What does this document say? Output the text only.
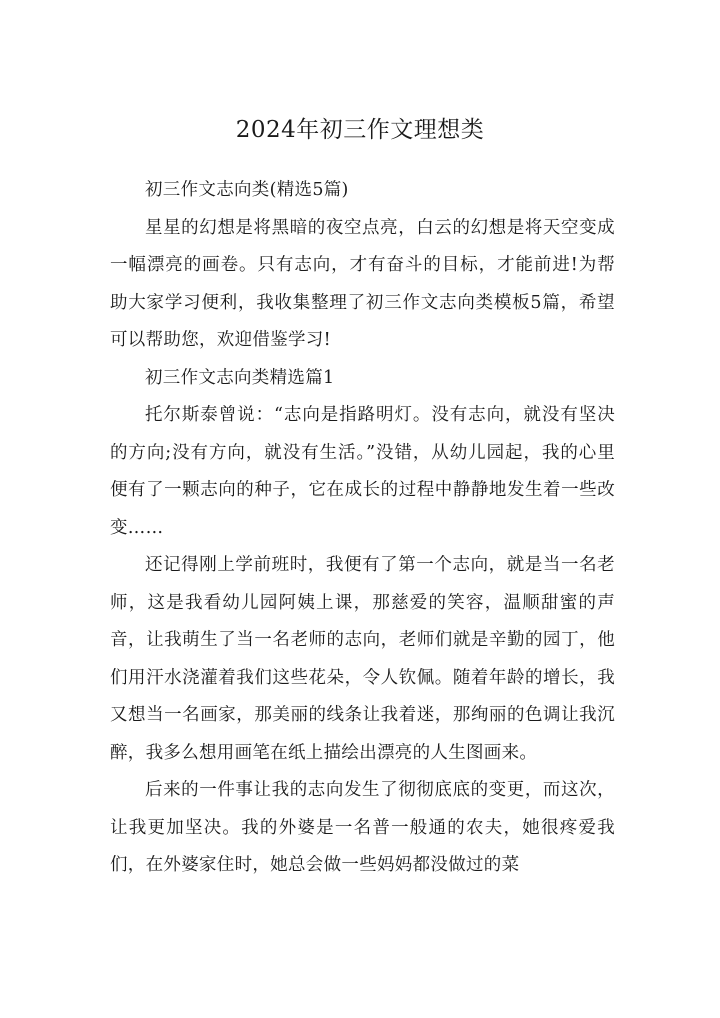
2024年初三作文理想类

初三作文志向类(精选5篇)

星星的幻想是将黑暗的夜空点亮，白云的幻想是将天空变成一幅漂亮的画卷。只有志向，才有奋斗的目标，才能前进!为帮助大家学习便利，我收集整理了初三作文志向类模板5篇，希望可以帮助您，欢迎借鉴学习!

初三作文志向类精选篇1

托尔斯泰曾说：“志向是指路明灯。没有志向，就没有坚决的方向;没有方向，就没有生活。”没错，从幼儿园起，我的心里便有了一颗志向的种子，它在成长的过程中静静地发生着一些改变……

还记得刚上学前班时，我便有了第一个志向，就是当一名老师，这是我看幼儿园阿姨上课，那慈爱的笑容，温顺甜蜜的声音，让我萌生了当一名老师的志向，老师们就是辛勤的园丁，他们用汗水浇灌着我们这些花朵，令人钦佩。随着年龄的增长，我又想当一名画家，那美丽的线条让我着迷，那绚丽的色调让我沉醉，我多么想用画笔在纸上描绘出漂亮的人生图画来。

后来的一件事让我的志向发生了彻彻底底的变更，而这次，让我更加坚决。我的外婆是一名普一般通的农夫，她很疼爱我们，在外婆家住时，她总会做一些妈妈都没做过的菜
